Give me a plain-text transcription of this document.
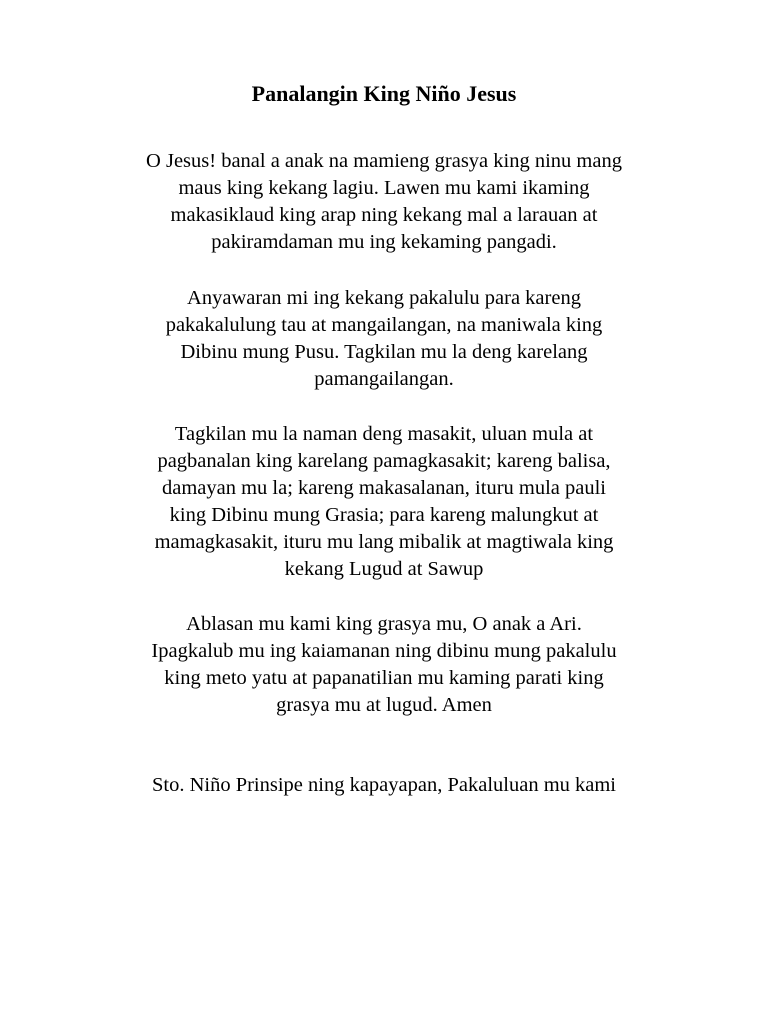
Panalangin King Niño Jesus

O Jesus! banal a anak na mamieng grasya king ninu mang
maus king kekang lagiu. Lawen mu kami ikaming
makasiklaud king arap ning kekang mal a larauan at
pakiramdaman mu ing kekaming pangadi.

Anyawaran mi ing kekang pakalulu para kareng
pakakalulung tau at mangailangan, na maniwala king
Dibinu mung Pusu. Tagkilan mu la deng karelang
pamangailangan.

Tagkilan mu la naman deng masakit, uluan mula at
pagbanalan king karelang pamagkasakit; kareng balisa,
damayan mu la; kareng makasalanan, ituru mula pauli
king Dibinu mung Grasia; para kareng malungkut at
mamagkasakit, ituru mu lang mibalik at magtiwala king
kekang Lugud at Sawup

Ablasan mu kami king grasya mu, O anak a Ari.
Ipagkalub mu ing kaiamanan ning dibinu mung pakalulu
king meto yatu at papanatilian mu kaming parati king
grasya mu at lugud. Amen

Sto. Niño Prinsipe ning kapayapan, Pakaluluan mu kami
